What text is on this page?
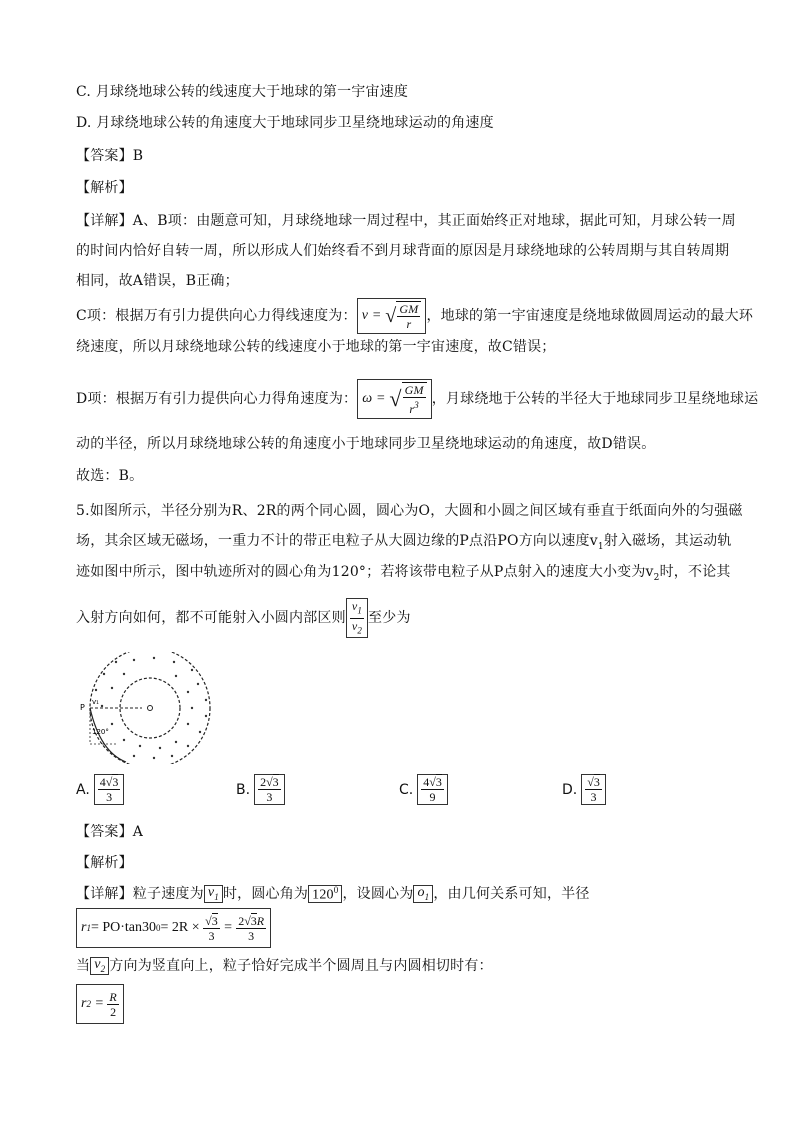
C. 月球绕地球公转的线速度大于地球的第一宇宙速度
D. 月球绕地球公转的角速度大于地球同步卫星绕地球运动的角速度
【答案】B
【解析】
【详解】A、B项：由题意可知，月球绕地球一周过程中，其正面始终正对地球，据此可知，月球公转一周
的时间内恰好自转一周，所以形成人们始终看不到月球背面的原因是月球绕地球的公转周期与其自转周期
相同，故A错误，B正确；
C项：根据万有引力提供向心力得线速度为： v =
√ $\frac{GM}{r}$ ，地球的第一宇宙速度是绕地球做圆周运动的最大环
绕速度，所以月球绕地球公转的线速度小于地球的第一宇宙速度，故C错误；
D项：根据万有引力提供向心力得角速度为： ω =
√ $\frac{GM}{r^3}$ ，月球绕地于公转的半径大于地球同步卫星绕地球运
动的半径，所以月球绕地球公转的角速度小于地球同步卫星绕地球运动的角速度，故D错误。
故选：B。
5.如图所示，半径分别为R、2R的两个同心圆，圆心为O，大圆和小圆之间区域有垂直于纸面向外的匀强磁
场，其余区域无磁场，一重力不计的带正电粒子从大圆边缘的P点沿PO方向以速度$v_1$射入磁场，其运动轨
迹如图中所示，图中轨迹所对的圆心角为120°；若将该带电粒子从P点射入的速度大小变为$v_2$时，不论其
入射方向如何，都不可能射入小圆内部区则 $\frac{v_1}{v_2}$ 至少为
P
v₁
120°
A. $\frac{4√3}{3}$	B. $\frac{2√3}{3}$	C. $\frac{4√3}{9}$	D. $\frac{√3}{3}$
【答案】A
【解析】
【详解】粒子速度为 $v_1$ 时，圆心角为 $120^0$ ，设圆心为 $o_1$ ，由几何关系可知，半径
r 1 = PO·tan30 0 = 2R ×
$\frac{√3}{3} = \frac{2√3R}{3}$
当 $v_2$ 方向为竖直向上，粒子恰好完成半个圆周且与内圆相切时有：
r $2 = \frac{R}{2}$
